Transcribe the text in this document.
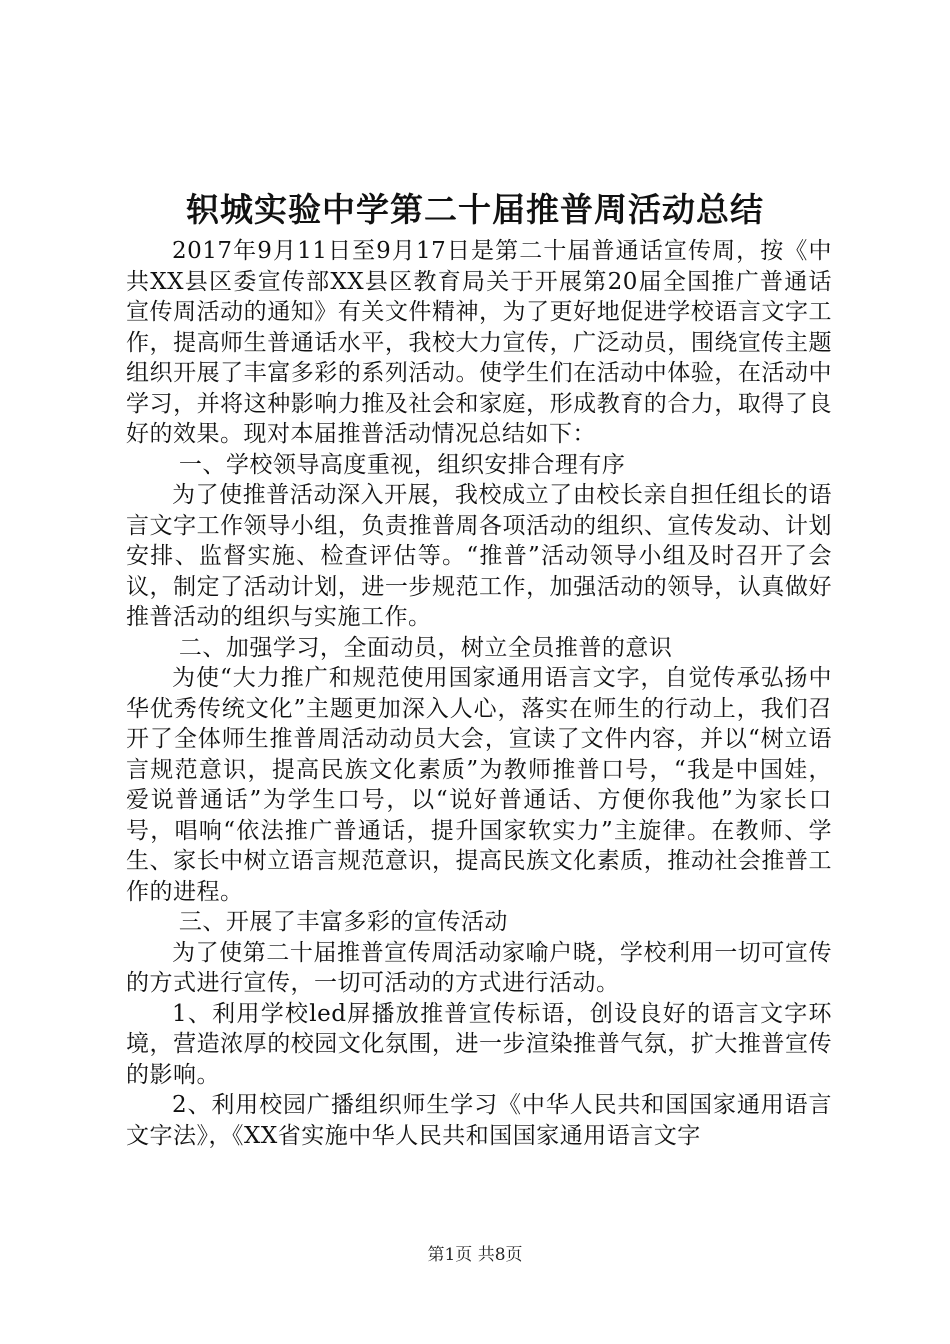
轵城实验中学第二十届推普周活动总结

2017年9月11日至9月17日是第二十届普通话宣传周，按《中共XX县区委宣传部XX县区教育局关于开展第20届全国推广普通话宣传周活动的通知》有关文件精神，为了更好地促进学校语言文字工作，提高师生普通话水平，我校大力宣传，广泛动员，围绕宣传主题组织开展了丰富多彩的系列活动。使学生们在活动中体验，在活动中学习，并将这种影响力推及社会和家庭，形成教育的合力，取得了良好的效果。现对本届推普活动情况总结如下：

一、学校领导高度重视，组织安排合理有序

为了使推普活动深入开展，我校成立了由校长亲自担任组长的语言文字工作领导小组，负责推普周各项活动的组织、宣传发动、计划安排、监督实施、检查评估等。“推普”活动领导小组及时召开了会议，制定了活动计划，进一步规范工作，加强活动的领导，认真做好推普活动的组织与实施工作。

二、加强学习，全面动员，树立全员推普的意识

为使“大力推广和规范使用国家通用语言文字，自觉传承弘扬中华优秀传统文化”主题更加深入人心，落实在师生的行动上，我们召开了全体师生推普周活动动员大会，宣读了文件内容，并以“树立语言规范意识，提高民族文化素质”为教师推普口号，“我是中国娃，爱说普通话”为学生口号，以“说好普通话、方便你我他”为家长口号，唱响“依法推广普通话，提升国家软实力”主旋律。在教师、学生、家长中树立语言规范意识，提高民族文化素质，推动社会推普工作的进程。

三、开展了丰富多彩的宣传活动

为了使第二十届推普宣传周活动家喻户晓，学校利用一切可宣传的方式进行宣传，一切可活动的方式进行活动。

1、利用学校led屏播放推普宣传标语，创设良好的语言文字环境，营造浓厚的校园文化氛围，进一步渲染推普气氛，扩大推普宣传的影响。

2、利用校园广播组织师生学习《中华人民共和国国家通用语言文字法》，《XX省实施中华人民共和国国家通用语言文字

第1页 共8页
